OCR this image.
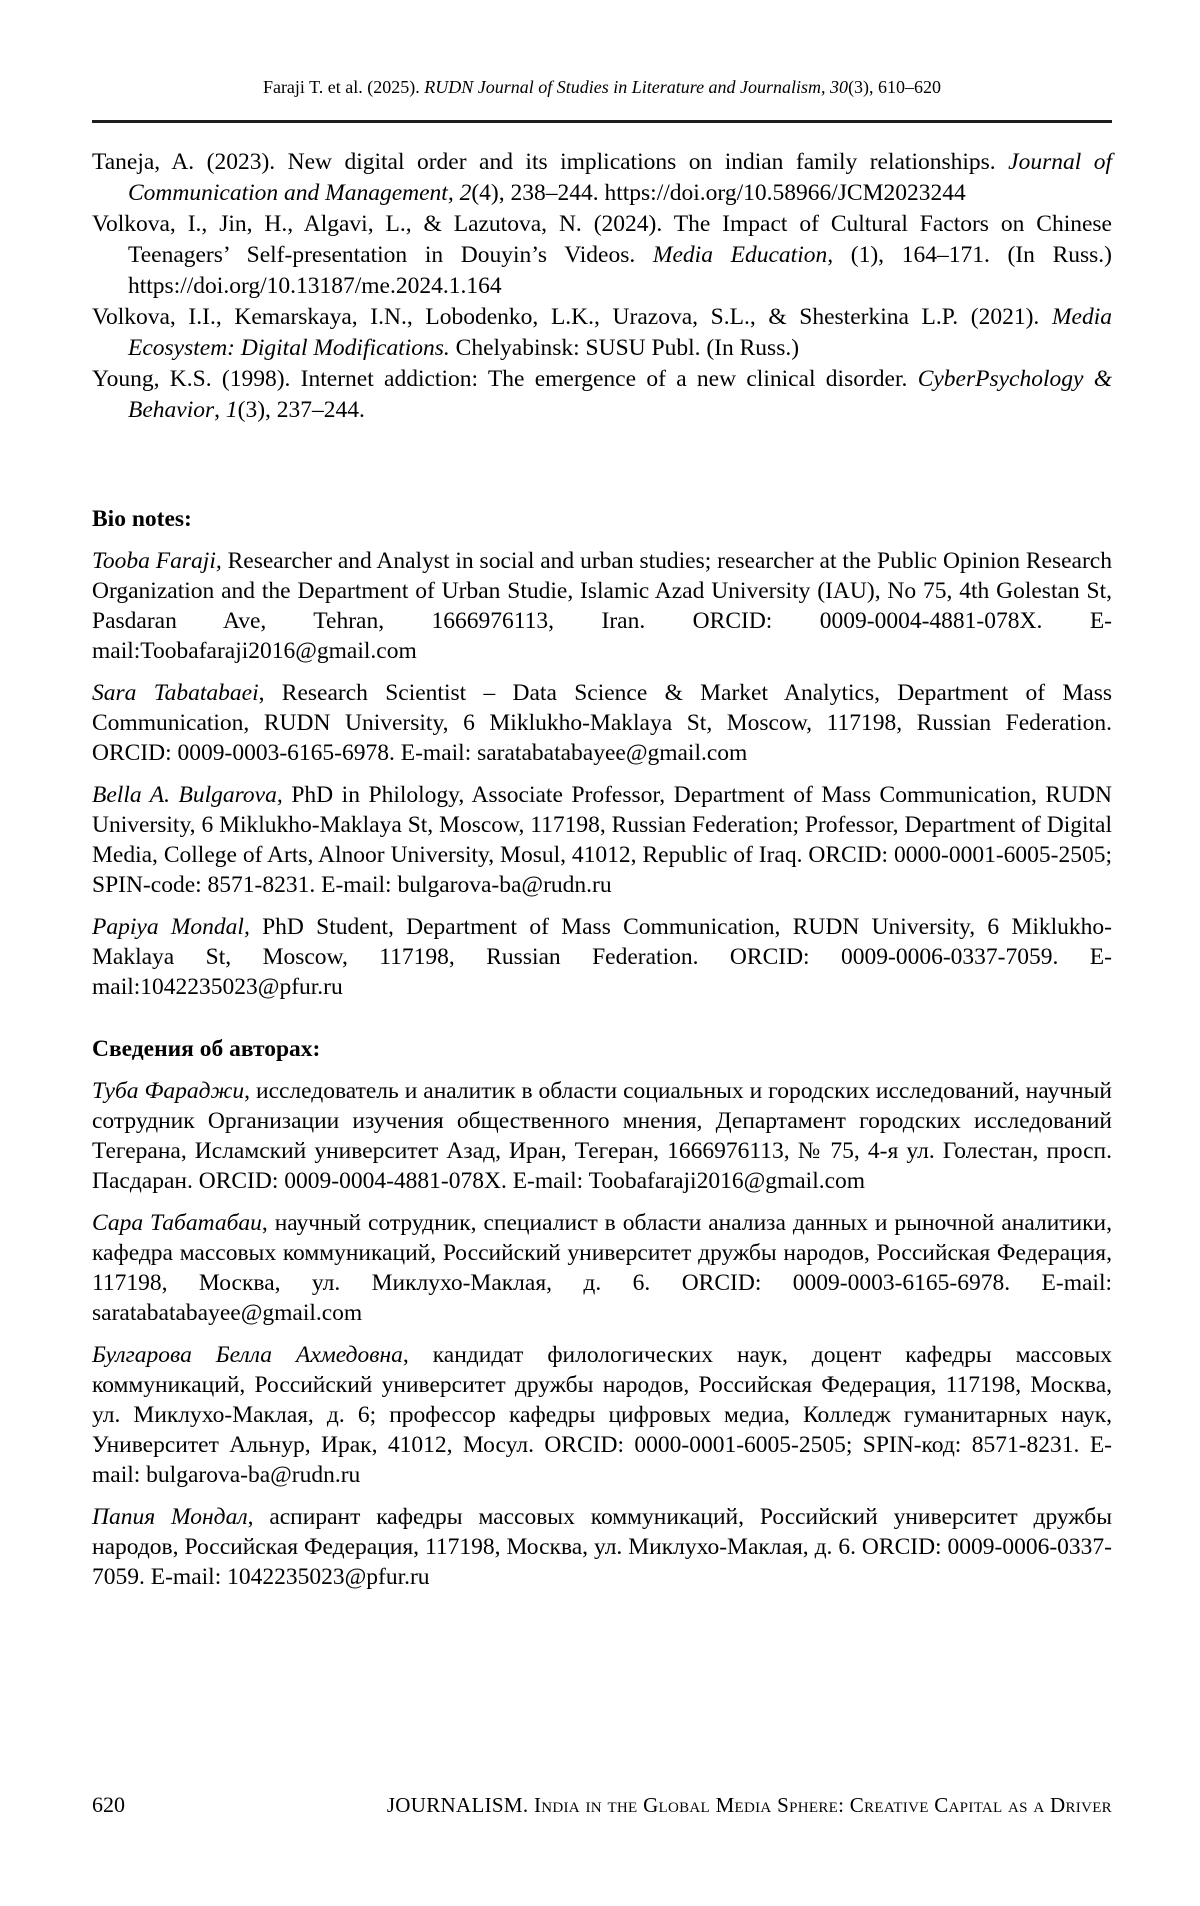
Faraji T. et al. (2025). RUDN Journal of Studies in Literature and Journalism, 30(3), 610–620
Taneja, A. (2023). New digital order and its implications on indian family relationships. Journal of Communication and Management, 2(4), 238–244. https://doi.org/10.58966/JCM2023244
Volkova, I., Jin, H., Algavi, L., & Lazutova, N. (2024). The Impact of Cultural Factors on Chinese Teenagers’ Self-presentation in Douyin’s Videos. Media Education, (1), 164–171. (In Russ.) https://doi.org/10.13187/me.2024.1.164
Volkova, I.I., Kemarskaya, I.N., Lobodenko, L.K., Urazova, S.L., & Shesterkina L.P. (2021). Media Ecosystem: Digital Modifications. Chelyabinsk: SUSU Publ. (In Russ.)
Young, K.S. (1998). Internet addiction: The emergence of a new clinical disorder. CyberPsychology & Behavior, 1(3), 237–244.
Bio notes:
Tooba Faraji, Researcher and Analyst in social and urban studies; researcher at the Public Opinion Research Organization and the Department of Urban Studie, Islamic Azad University (IAU), No 75, 4th Golestan St, Pasdaran Ave, Tehran, 1666976113, Iran. ORCID: 0009-0004-4881-078X. E-mail:Toobafaraji2016@gmail.com
Sara Tabatabaei, Research Scientist – Data Science & Market Analytics, Department of Mass Communication, RUDN University, 6 Miklukho-Maklaya St, Moscow, 117198, Russian Federation. ORCID: 0009-0003-6165-6978. E-mail: saratabatabayee@gmail.com
Bella A. Bulgarova, PhD in Philology, Associate Professor, Department of Mass Communication, RUDN University, 6 Miklukho-Maklaya St, Moscow, 117198, Russian Federation; Professor, Department of Digital Media, College of Arts, Alnoor University, Mosul, 41012, Republic of Iraq. ORCID: 0000-0001-6005-2505; SPIN-code: 8571-8231. E-mail: bulgarova-ba@rudn.ru
Papiya Mondal, PhD Student, Department of Mass Communication, RUDN University, 6 Miklukho-Maklaya St, Moscow, 117198, Russian Federation. ORCID: 0009-0006-0337-7059. E-mail:1042235023@pfur.ru
Сведения об авторах:
Туба Фараджи, исследователь и аналитик в области социальных и городских исследований, научный сотрудник Организации изучения общественного мнения, Департамент городских исследований Тегерана, Исламский университет Азад, Иран, Тегеран, 1666976113, № 75, 4-я ул. Голестан, просп. Пасдаран. ORCID: 0009-0004-4881-078X. E-mail: Toobafaraji2016@gmail.com
Сара Табатабаи, научный сотрудник, специалист в области анализа данных и рыночной аналитики, кафедра массовых коммуникаций, Российский университет дружбы народов, Российская Федерация, 117198, Москва, ул. Миклухо-Маклая, д. 6. ORCID: 0009-0003-6165-6978. E-mail: saratabatabayee@gmail.com
Булгарова Белла Ахмедовна, кандидат филологических наук, доцент кафедры массовых коммуникаций, Российский университет дружбы народов, Российская Федерация, 117198, Москва, ул. Миклухо-Маклая, д. 6; профессор кафедры цифровых медиа, Колледж гуманитарных наук, Университет Альнур, Ирак, 41012, Мосул. ORCID: 0000-0001-6005-2505; SPIN-код: 8571-8231. E-mail: bulgarova-ba@rudn.ru
Папия Мондал, аспирант кафедры массовых коммуникаций, Российский университет дружбы народов, Российская Федерация, 117198, Москва, ул. Миклухо-Маклая, д. 6. ORCID: 0009-0006-0337-7059. E-mail: 1042235023@pfur.ru
620	JOURNALISM. India in the Global Media Sphere: Creative Capital as a Driver
